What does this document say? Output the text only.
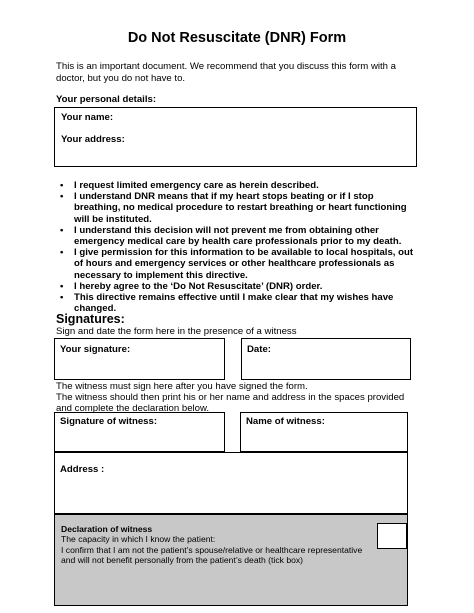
Do Not Resuscitate (DNR) Form
This is an important document. We recommend that you discuss this form with a doctor, but you do not have to.
Your personal details:
Your name:
Your address:
• I request limited emergency care as herein described.
• I understand DNR means that if my heart stops beating or if I stop breathing, no medical procedure to restart breathing or heart functioning will be instituted.
• I understand this decision will not prevent me from obtaining other emergency medical care by health care professionals prior to my death.
• I give permission for this information to be available to local hospitals, out of hours and emergency services or other healthcare professionals as necessary to implement this directive.
• I hereby agree to the ‘Do Not Resuscitate’ (DNR) order.
• This directive remains effective until I make clear that my wishes have changed.
Signatures:
Sign and date the form here in the presence of a witness
Your signature:	Date:
The witness must sign here after you have signed the form.
The witness should then print his or her name and address in the spaces provided and complete the declaration below.
Signature of witness:	Name of witness:
Address :
Declaration of witness
The capacity in which I know the patient:
I confirm that I am not the patient’s spouse/relative or healthcare representative and will not benefit personally from the patient’s death (tick box)
